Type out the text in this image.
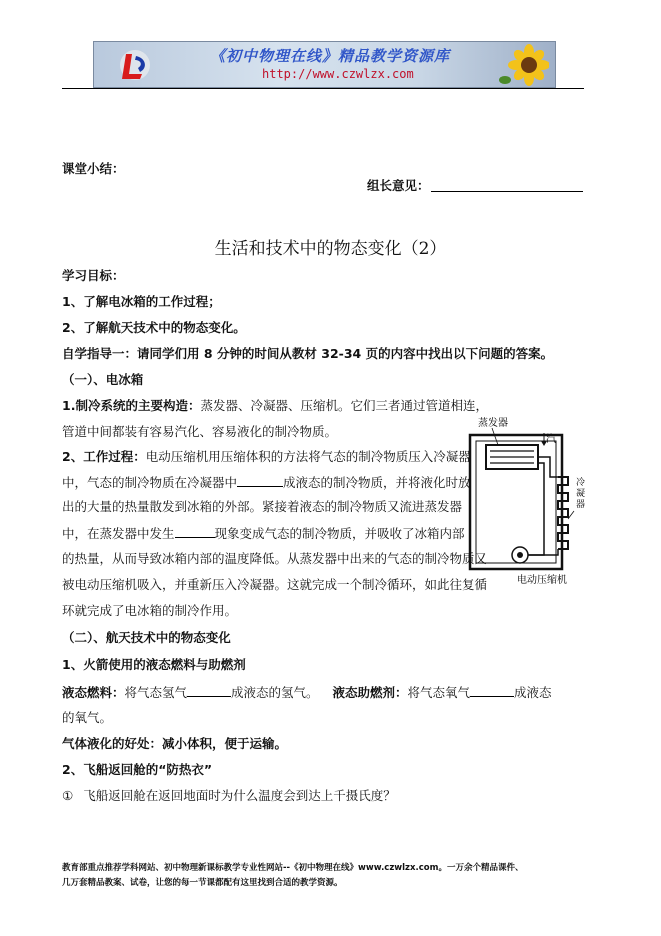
《初中物理在线》精品教学资源库
http://www.czwlzx.com
课堂小结：
组长意见：
生活和技术中的物态变化（2）
学习目标：
1、了解电冰箱的工作过程；
2、了解航天技术中的物态变化。
自学指导一：请同学们用 8 分钟的时间从教材 32-34 页的内容中找出以下问题的答案。
（一）、电冰箱
1.制冷系统的主要构造：蒸发器、冷凝器、压缩机。它们三者通过管道相连，
管道中间都装有容易汽化、容易液化的制冷物质。
2、工作过程：电动压缩机用压缩体积的方法将气态的制冷物质压入冷凝器
中，气态的制冷物质在冷凝器中	成液态的制冷物质，并将液化时放
出的大量的热量散发到冰箱的外部。紧接着液态的制冷物质又流进蒸发器
中，在蒸发器中发生	现象变成气态的制冷物质，并吸收了冰箱内部
的热量，从而导致冰箱内部的温度降低。从蒸发器中出来的气态的制冷物质又
被电动压缩机吸入，并重新压入冷凝器。这就完成一个制冷循环，如此往复循
环就完成了电冰箱的制冷作用。
蒸发器
汽
电动压缩机
冷
凝
器
（二）、航天技术中的物态变化
1、火箭使用的液态燃料与助燃剂
液态燃料：将气态氢气	成液态的氢气。 液态助燃剂：将气态氧气	成液态
的氧气。
气体液化的好处：减小体积，便于运输。
2、飞船返回舱的“防热衣”
① 飞船返回舱在返回地面时为什么温度会到达上千摄氏度？
教育部重点推荐学科网站、初中物理新课标教学专业性网站--《初中物理在线》www.czwlzx.com。一万余个精品课件、
几万套精品教案、试卷，让您的每一节课都配有这里找到合适的教学资源。
